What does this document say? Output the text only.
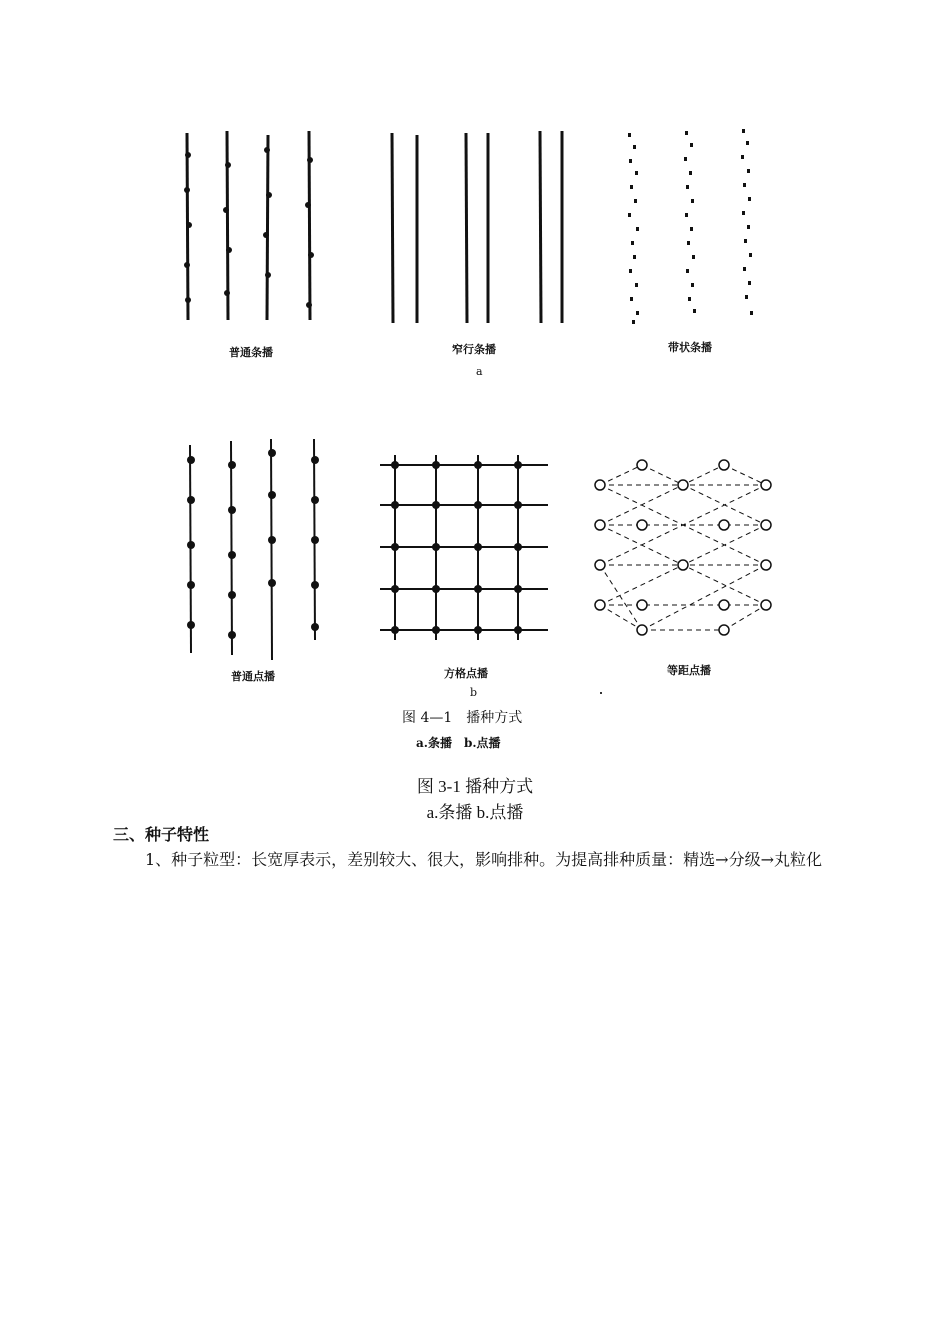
普通条播	窄行条播	带状条播
a
普通点播	方格点播	等距点播
b
图 4—1　播种方式
a.条播　b.点播
图 3-1 播种方式
a.条播 b.点播
三、种子特性
1、种子粒型：长宽厚表示，差别较大、很大，影响排种。为提高排种质量：精选→分级→丸粒化
